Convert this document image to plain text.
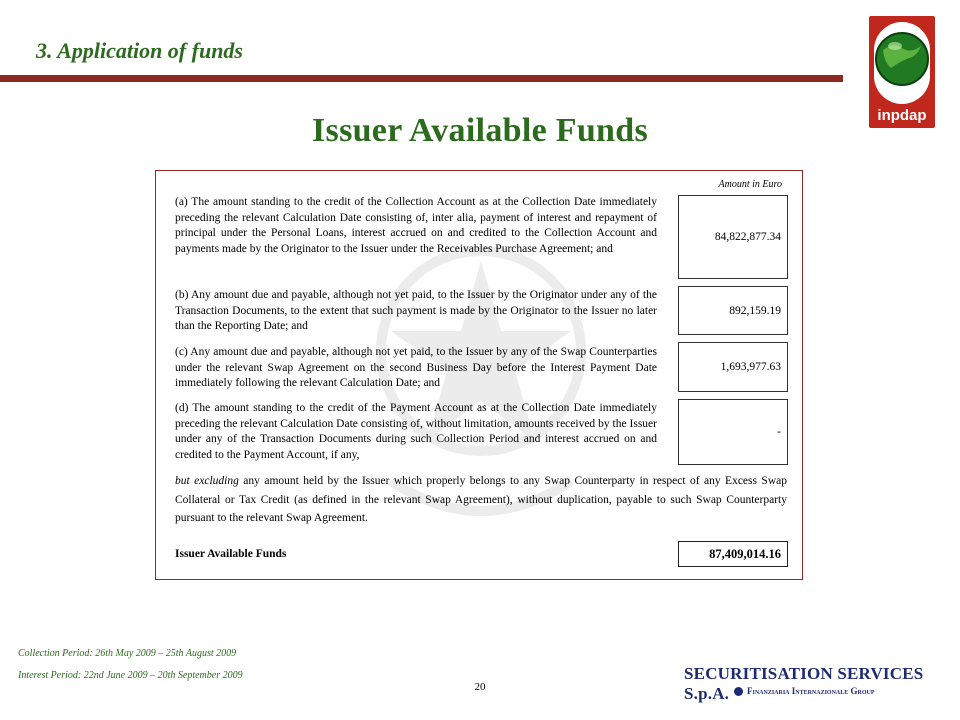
3. Application of funds
inpdap
Issuer Available Funds
Amount in Euro

(a) The amount standing to the credit of the Collection Account as at the Collection Date immediately preceding the relevant Calculation Date consisting of, inter alia, payment of interest and repayment of principal under the Personal Loans, interest accrued on and credited to the Collection Account and payments made by the Originator to the Issuer under the Receivables Purchase Agreement; and

84,822,877.34

(b) Any amount due and payable, although not yet paid, to the Issuer by the Originator under any of the Transaction Documents, to the extent that such payment is made by the Originator to the Issuer no later than the Reporting Date; and

892,159.19

(c) Any amount due and payable, although not yet paid, to the Issuer by any of the Swap Counterparties under the relevant Swap Agreement on the second Business Day before the Interest Payment Date immediately following the relevant Calculation Date; and

1,693,977.63

(d) The amount standing to the credit of the Payment Account as at the Collection Date immediately preceding the relevant Calculation Date consisting of, without limitation, amounts received by the Issuer under any of the Transaction Documents during such Collection Period and interest accrued on and credited to the Payment Account, if any,

-

but excluding any amount held by the Issuer which properly belongs to any Swap Counterparty in respect of any Excess Swap Collateral or Tax Credit (as defined in the relevant Swap Agreement), without duplication, payable to such Swap Counterparty pursuant to the relevant Swap Agreement.

Issuer Available Funds	87,409,014.16
Collection Period: 26th May 2009 – 25th August 2009
Interest Period: 22nd June 2009 – 20th September 2009
20
SECURITISATION SERVICES S.p.A.	Finanziaria Internazionale Group
